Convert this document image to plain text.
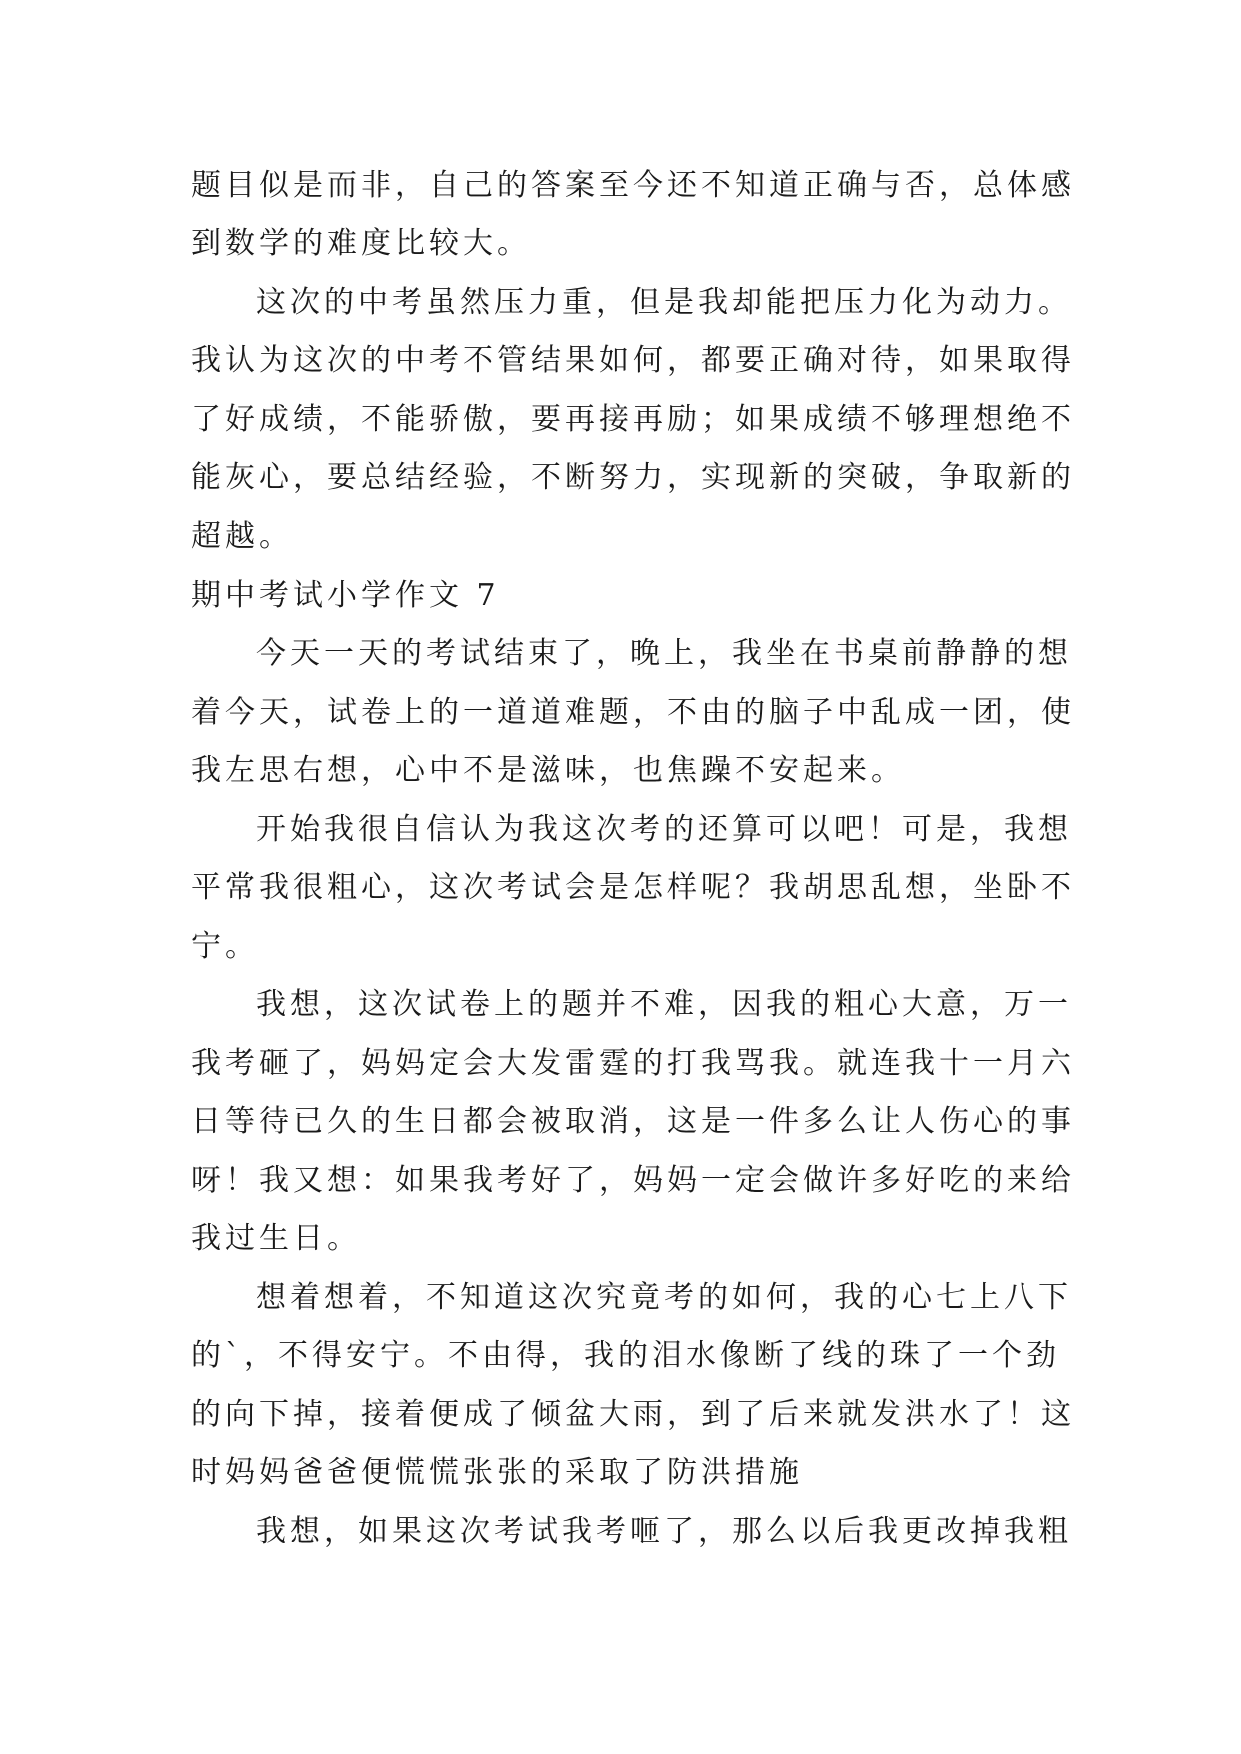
题目似是而非，自己的答案至今还不知道正确与否，总体感
到数学的难度比较大。
这次的中考虽然压力重，但是我却能把压力化为动力。
我认为这次的中考不管结果如何，都要正确对待，如果取得
了好成绩，不能骄傲，要再接再励；如果成绩不够理想绝不
能灰心，要总结经验，不断努力，实现新的突破，争取新的
超越。
期中考试小学作文 7
今天一天的考试结束了，晚上，我坐在书桌前静静的想
着今天，试卷上的一道道难题，不由的脑子中乱成一团，使
我左思右想，心中不是滋味，也焦躁不安起来。
开始我很自信认为我这次考的还算可以吧！可是，我想
平常我很粗心，这次考试会是怎样呢？我胡思乱想，坐卧不
宁。
我想，这次试卷上的题并不难，因我的粗心大意，万一
我考砸了，妈妈定会大发雷霆的打我骂我。就连我十一月六
日等待已久的生日都会被取消，这是一件多么让人伤心的事
呀！我又想：如果我考好了，妈妈一定会做许多好吃的来给
我过生日。
想着想着，不知道这次究竟考的如何，我的心七上八下
的`，不得安宁。不由得，我的泪水像断了线的珠了一个劲
的向下掉，接着便成了倾盆大雨，到了后来就发洪水了！这
时妈妈爸爸便慌慌张张的采取了防洪措施
我想，如果这次考试我考咂了，那么以后我更改掉我粗
